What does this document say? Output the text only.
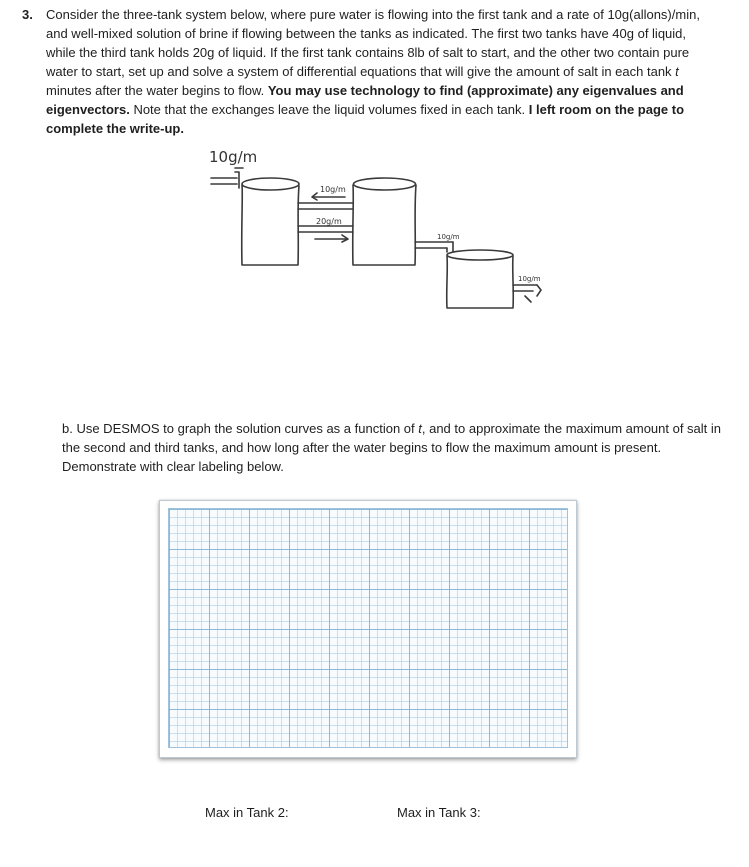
3. Consider the three-tank system below, where pure water is flowing into the first tank and a rate of 10g(allons)/min, and well-mixed solution of brine if flowing between the tanks as indicated. The first two tanks have 40g of liquid, while the third tank holds 20g of liquid. If the first tank contains 8lb of salt to start, and the other two contain pure water to start, set up and solve a system of differential equations that will give the amount of salt in each tank t minutes after the water begins to flow. You may use technology to find (approximate) any eigenvalues and eigenvectors. Note that the exchanges leave the liquid volumes fixed in each tank. I left room on the page to complete the write-up.

10g/m
10g/m
20g/m
10g/m
10g/m

b. Use DESMOS to graph the solution curves as a function of t, and to approximate the maximum amount of salt in the second and third tanks, and how long after the water begins to flow the maximum amount is present. Demonstrate with clear labeling below.

Max in Tank 2:	Max in Tank 3:
